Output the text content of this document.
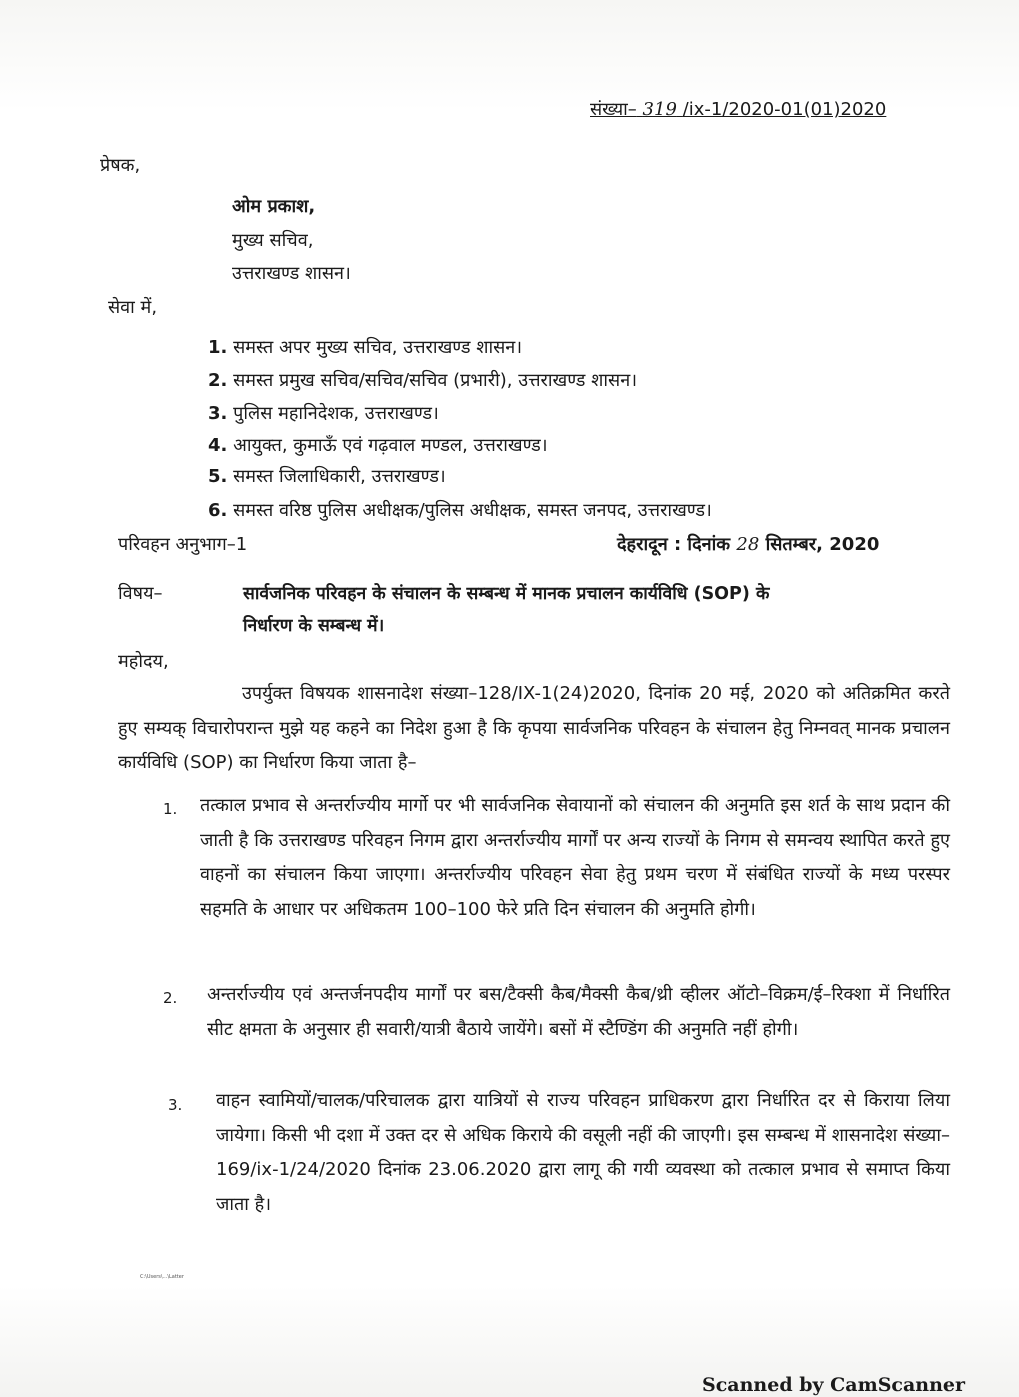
संख्या– 319 /ix-1/2020-01(01)2020
प्रेषक,
ओम प्रकाश,
मुख्य सचिव,
उत्तराखण्ड शासन।
सेवा में,
1. समस्त अपर मुख्य सचिव, उत्तराखण्ड शासन।
2. समस्त प्रमुख सचिव/सचिव/सचिव (प्रभारी), उत्तराखण्ड शासन।
3. पुलिस महानिदेशक, उत्तराखण्ड।
4. आयुक्त, कुमाऊँ एवं गढ़वाल मण्डल, उत्तराखण्ड।
5. समस्त जिलाधिकारी, उत्तराखण्ड।
6. समस्त वरिष्ठ पुलिस अधीक्षक/पुलिस अधीक्षक, समस्त जनपद, उत्तराखण्ड।
परिवहन अनुभाग–1	देहरादून : दिनांक 28 सितम्बर, 2020
विषय–	सार्वजनिक परिवहन के संचालन के सम्बन्ध में मानक प्रचालन कार्यविधि (SOP) के
निर्धारण के सम्बन्ध में।
महोदय,
उपर्युक्त विषयक शासनादेश संख्या–128/IX-1(24)2020, दिनांक 20 मई, 2020 को अतिक्रमित करते हुए सम्यक् विचारोपरान्त मुझे यह कहने का निदेश हुआ है कि कृपया सार्वजनिक परिवहन के संचालन हेतु निम्नवत् मानक प्रचालन कार्यविधि (SOP) का निर्धारण किया जाता है–
1. तत्काल प्रभाव से अन्तर्राज्यीय मार्गो पर भी सार्वजनिक सेवायानों को संचालन की अनुमति इस शर्त के साथ प्रदान की जाती है कि उत्तराखण्ड परिवहन निगम द्वारा अन्तर्राज्यीय मार्गों पर अन्य राज्यों के निगम से समन्वय स्थापित करते हुए वाहनों का संचालन किया जाएगा। अन्तर्राज्यीय परिवहन सेवा हेतु प्रथम चरण में संबंधित राज्यों के मध्य परस्पर सहमति के आधार पर अधिकतम 100–100 फेरे प्रति दिन संचालन की अनुमति होगी।
2. अन्तर्राज्यीय एवं अन्तर्जनपदीय मार्गों पर बस/टैक्सी कैब/मैक्सी कैब/थ्री व्हीलर ऑटो–विक्रम/ई–रिक्शा में निर्धारित सीट क्षमता के अनुसार ही सवारी/यात्री बैठाये जायेंगे। बसों में स्टैण्डिंग की अनुमति नहीं होगी।
3. वाहन स्वामियों/चालक/परिचालक द्वारा यात्रियों से राज्य परिवहन प्राधिकरण द्वारा निर्धारित दर से किराया लिया जायेगा। किसी भी दशा में उक्त दर से अधिक किराये की वसूली नहीं की जाएगी। इस सम्बन्ध में शासनादेश संख्या–169/ix-1/24/2020 दिनांक 23.06.2020 द्वारा लागू की गयी व्यवस्था को तत्काल प्रभाव से समाप्त किया जाता है।
C:\Users\...\Latter
Scanned by CamScanner
